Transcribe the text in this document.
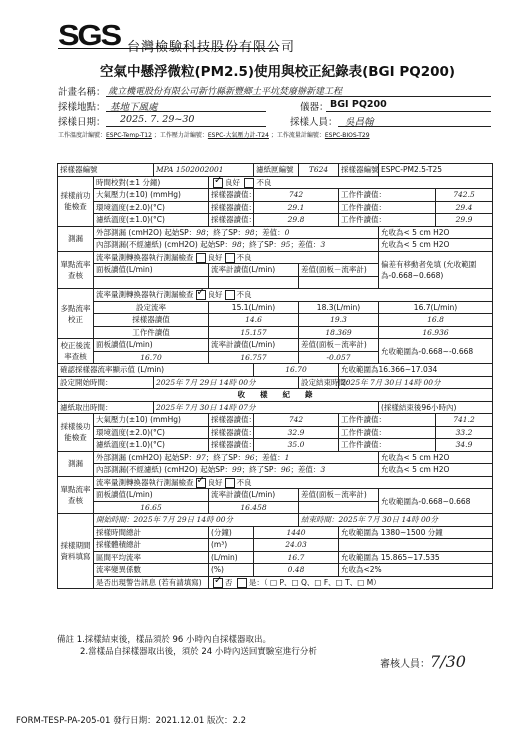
SGS 台灣檢驗科技股份有限公司
空氣中懸浮微粒(PM2.5)使用與校正紀錄表(BGI PQ200)
計畫名稱： 歲立機電股份有限公司新竹縣新豐鄉土平坑焚廢辦新建工程
採樣地點： 基地下風處	儀器： BGI PQ200
採樣日期： 2025. 7. 29~30	採樣人員： 吳昌翰
工作溫度計編號：ESPC-Temp-T12 ；工作壓力計編號：ESPC-大氣壓力計-T24 ；工作流量計編號：ESPC-BIOS-T29
採樣器編號		MPA 1502002001		濾紙匣編號	T624	採樣器編號	ESPC-PM2.5-T25	
採樣前功能檢查	時間校對(±1 分鐘)	✓良好 不良
	大氣壓力(±10) (mmHg)		採樣器讀值：	742		工作件讀值：		742.5
	環境溫度(±2.0)(°C)		採樣器讀值：	29.1		工作件讀值：		29.4
	濾紙溫度(±1.0)(°C)		採樣器讀值：	29.8		工作件讀值：		29.9
測漏	外部測漏 (cmH2O) 起始SP：98；終了SP：98；差值：0						允收為< 5 cm H2O	
	內部測漏(不經濾紙) (cmH2O) 起始SP：98；終了SP：95；差值：3						允收為< 5 cm H2O	
單點流率查核	流率量測轉換器執行測漏檢查 良好 不良						偏差有移動者免填 (允收範圍為-0.668~0.668)	
	面板讀值(L/min)		流率計讀值(L/min)		差值(面板－流率計)			

多點流率校正	流率量測轉換器執行測漏檢查 ✓ 良好 不良
	設定流率		15.1(L/min)		18.3(L/min)		16.7(L/min)	
	採樣器讀值		14.6		19.3		16.8	
	工作件讀值		15.157		18.369		16.936	
校正後流率查核	面板讀值(L/min)		流率計讀值(L/min)		差值(面板－流率計)		允收範圍為-0.668~-0.668	
	16.70		16.757		-0.057			
確認採樣器流率顯示值 (L/min)				16.70		允收範圍為16.366~17.034		
設定開始時間：		2025年 7月 29日 14時 00分			設定結束時間：	2025年 7月 30日 14時 00分		
收　　樣　　紀　　錄								
濾紙取出時間：		2025年 7月 30日 14時 07分					(採樣結束後96小時內)	
採樣後功能檢查	大氣壓力(±10) (mmHg)		採樣器讀值：	742		工作件讀值：		741.2
	環境溫度(±2.0)(°C)		採樣器讀值：	32.9		工作件讀值：		33.2
	濾紙溫度(±1.0)(°C)		採樣器讀值：	35.0		工作件讀值：		34.9
測漏	外部測漏 (cmH2O) 起始SP：97；終了SP：96；差值：1						允收為< 5 cm H2O	
	內部測漏(不經濾紙) (cmH2O) 起始SP：99；終了SP：96；差值：3						允收為< 5 cm H2O	
單點流率查核	流率量測轉換器執行測漏檢查 ✓ 良好 不良
	面板讀值(L/min)		流率計讀值(L/min)		差值(面板－流率計)		允收範圍為-0.668~0.668	
	16.65		16.458					
採樣期間資料填寫	開始時間：2025年 7月 29日 14時 00分				結束時間：2025年 7月 30日 14時 00分			
	採樣時間總計		(分鐘)	1440		允收範圍為 1380~1500 分鐘		
	採樣體積總計		(m³)	24.03				
	區間平均流率		(L/min)	16.7		允收範圍為 15.865~17.535		
	流率變異係數		(%)	0.48		允收為<2%		
	是否出現警告訊息 (若有請填寫)	✓否 是：（ □ P、□ Q、□ F、□ T、□ M）
備註 1.採樣結束後，樣品須於 96 小時內自採樣器取出。
2.當樣品自採樣器取出後，須於 24 小時內送回實驗室進行分析
審核人員：7/30
FORM-TESP-PA-205-01 發行日期：2021.12.01 版次：2.2
